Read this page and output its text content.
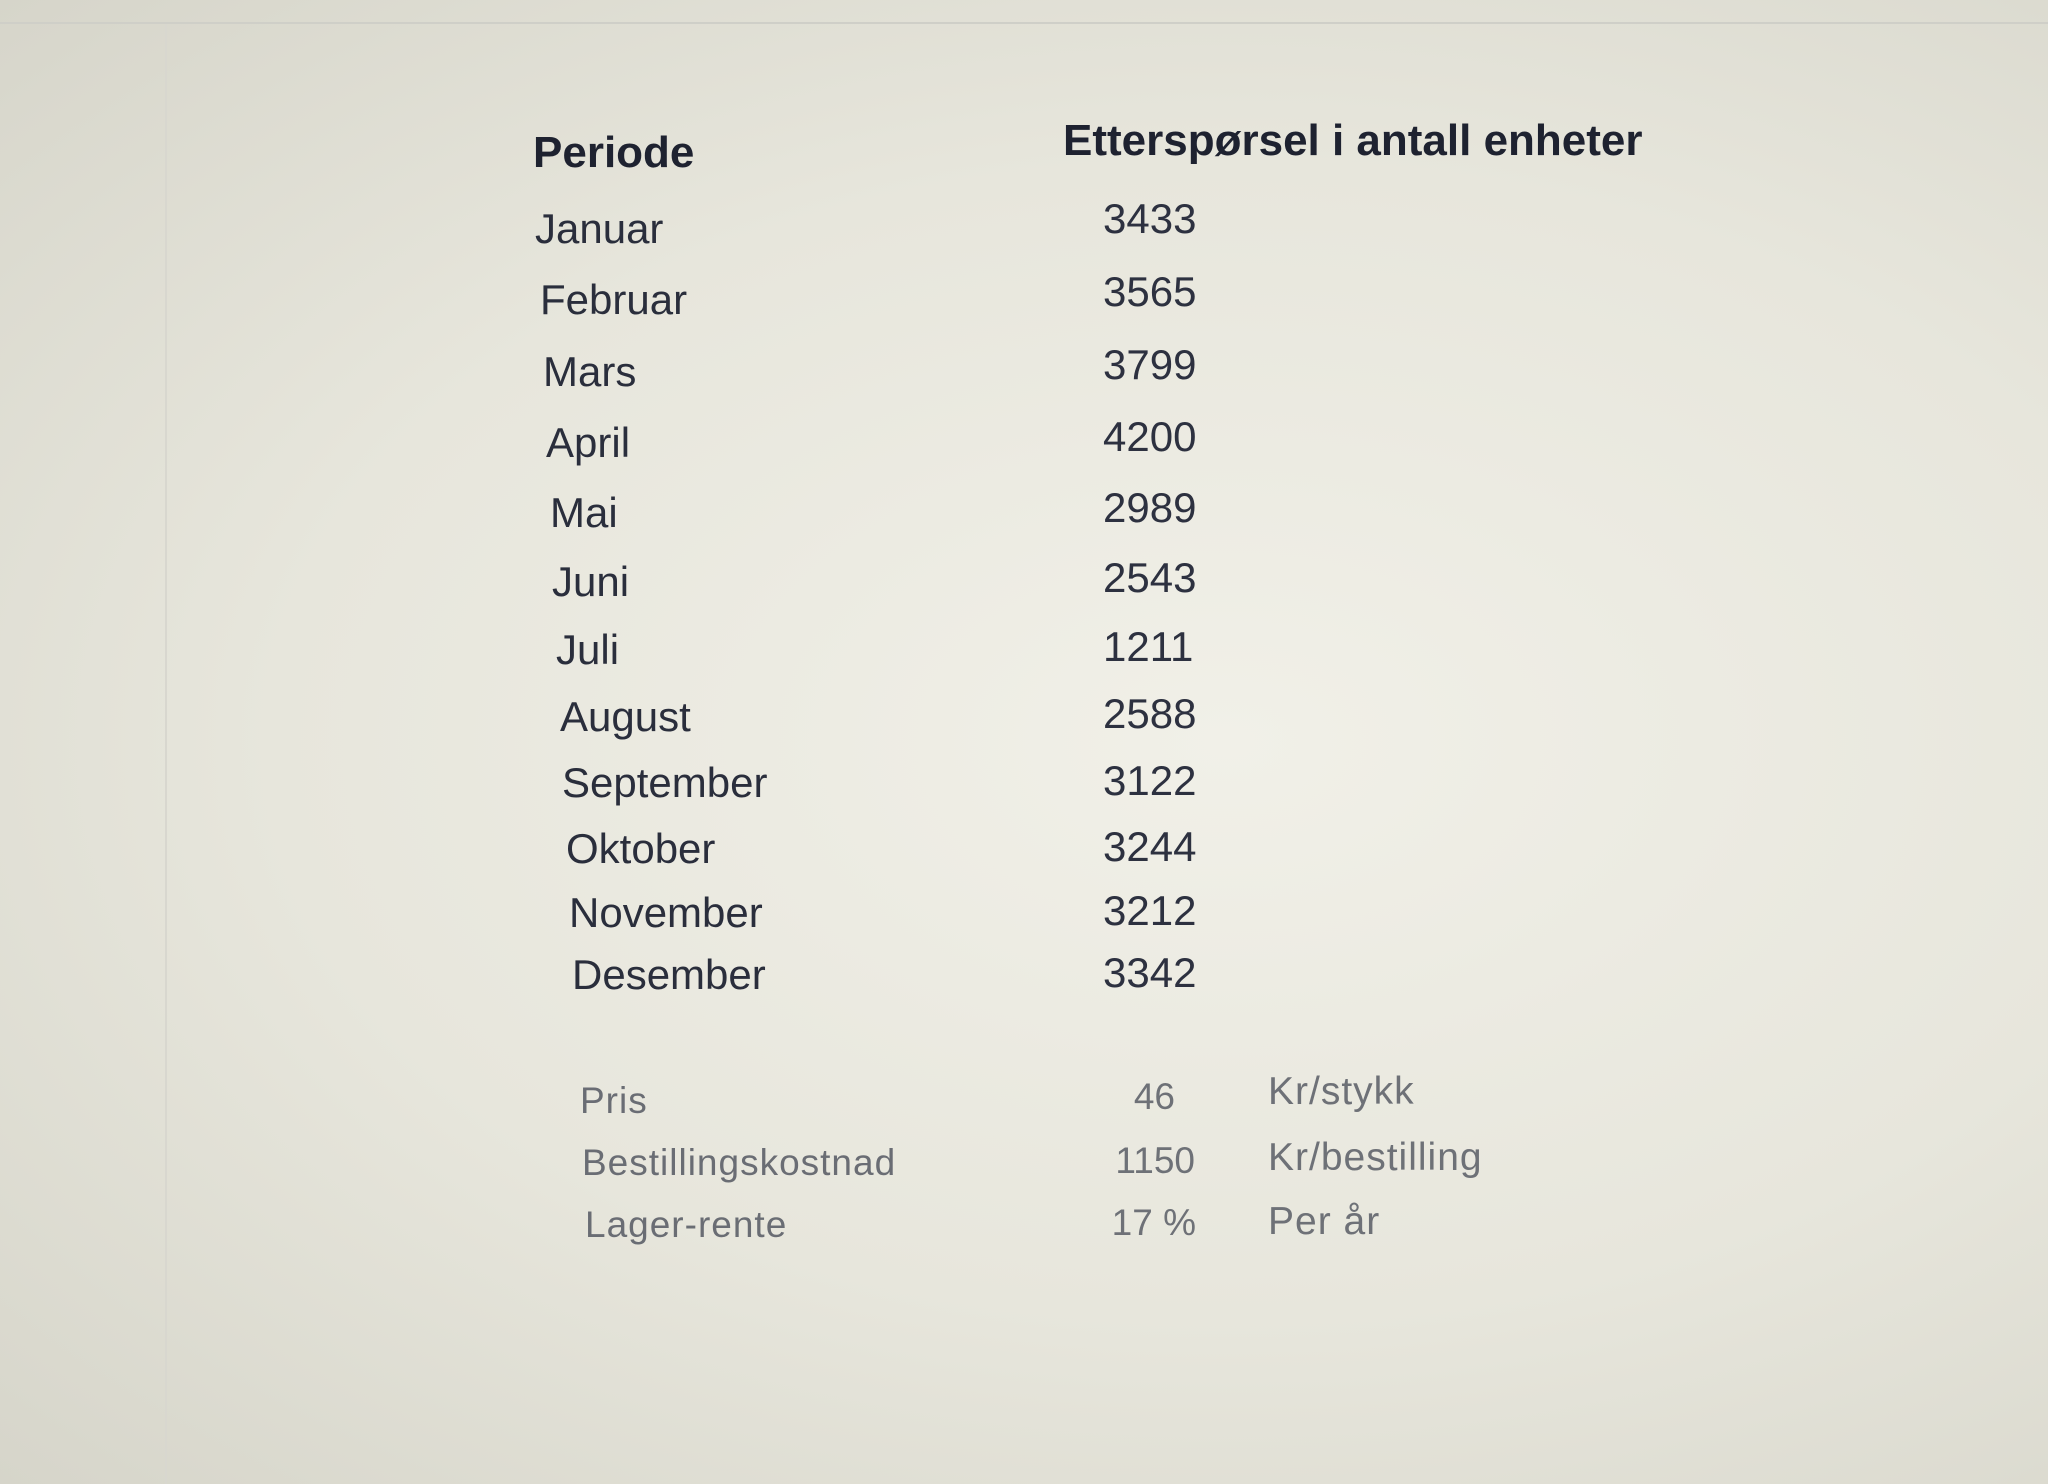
Periode	Etterspørsel i antall enheter
Januar	3433
Februar	3565
Mars	3799
April	4200
Mai	2989
Juni	2543
Juli	1211
August	2588
September	3122
Oktober	3244
November	3212
Desember	3342
Pris	46 Kr/stykk
Bestillingskostnad	1150 Kr/bestilling
Lager-rente	17 % Per år
